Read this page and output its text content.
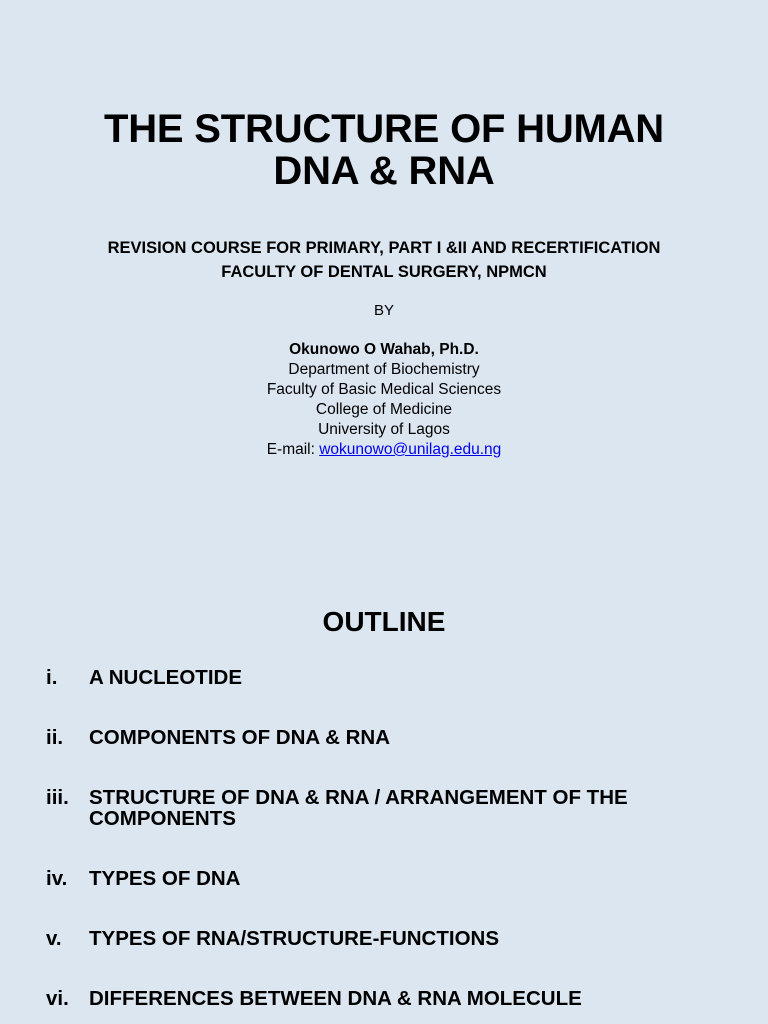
THE STRUCTURE OF HUMAN
DNA & RNA
REVISION COURSE FOR PRIMARY, PART I &II AND RECERTIFICATION
FACULTY OF DENTAL SURGERY, NPMCN
BY
Okunowo O Wahab, Ph.D.
Department of Biochemistry
Faculty of Basic Medical Sciences
College of Medicine
University of Lagos
E-mail: wokunowo@unilag.edu.ng
OUTLINE
i. A NUCLEOTIDE
ii. COMPONENTS OF DNA & RNA
iii. STRUCTURE OF DNA & RNA / ARRANGEMENT OF THE COMPONENTS
iv. TYPES OF DNA
v. TYPES OF RNA/STRUCTURE-FUNCTIONS
vi. DIFFERENCES BETWEEN DNA & RNA MOLECULE
